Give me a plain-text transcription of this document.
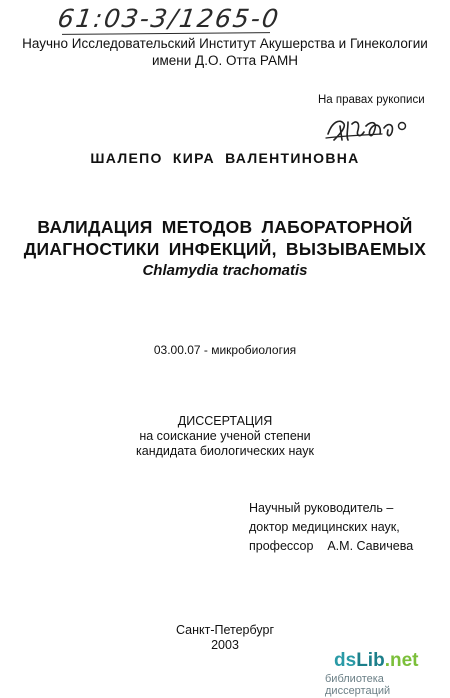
61:03-3/1265-0
Научно Исследовательский Институт Акушерства и Гинекологии
имени Д.О. Отта РАМН
На правах рукописи
ШАЛЕПО КИРА ВАЛЕНТИНОВНА
ВАЛИДАЦИЯ МЕТОДОВ ЛАБОРАТОРНОЙ
ДИАГНОСТИКИ ИНФЕКЦИЙ, ВЫЗЫВАЕМЫХ
Chlamydia trachomatis
03.00.07 - микробиология
ДИССЕРТАЦИЯ
на соискание ученой степени
кандидата биологических наук
Научный руководитель –
доктор медицинских наук,
профессор    А.М. Савичева
Санкт-Петербург
2003
dsLib.net
библиотека диссертаций
